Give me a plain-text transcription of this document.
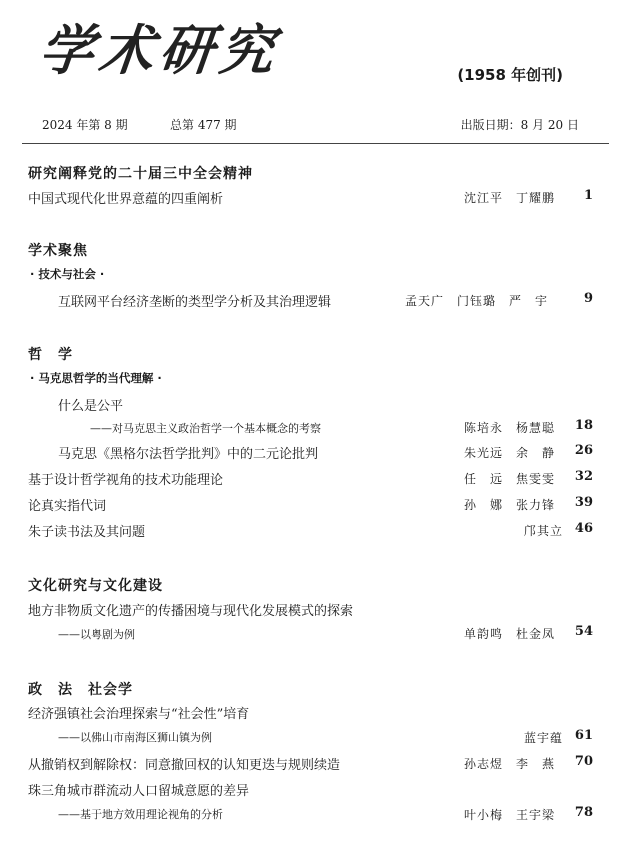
学术研究	(1958 年创刊)
2024 年第 8 期	总第 477 期	出版日期：8 月 20 日
研究阐释党的二十届三中全会精神
中国式现代化世界意蕴的四重阐析	沈江平　丁耀鹏 1
学术聚焦
· 技术与社会 ·
互联网平台经济垄断的类型学分析及其治理逻辑	孟天广　门钰璐　严　宇	9
哲　学
· 马克思哲学的当代理解 ·
什么是公平
——对马克思主义政治哲学一个基本概念的考察	陈培永　杨慧聪 18
马克思《黑格尔法哲学批判》中的二元论批判	朱光远　余　静 26
基于设计哲学视角的技术功能理论	任　远　焦雯雯 32
论真实指代词	孙　娜　张力锋 39
朱子读书法及其问题	邝其立 46
文化研究与文化建设
地方非物质文化遗产的传播困境与现代化发展模式的探索
——以粤剧为例	单韵鸣　杜金凤 54
政　法　社会学
经济强镇社会治理探索与“社会性”培育
——以佛山市南海区狮山镇为例	蓝宇蕴 61
从撤销权到解除权：同意撤回权的认知更迭与规则续造	孙志煜　李　燕 70
珠三角城市群流动人口留城意愿的差异
——基于地方效用理论视角的分析	叶小梅　王宇梁 78
